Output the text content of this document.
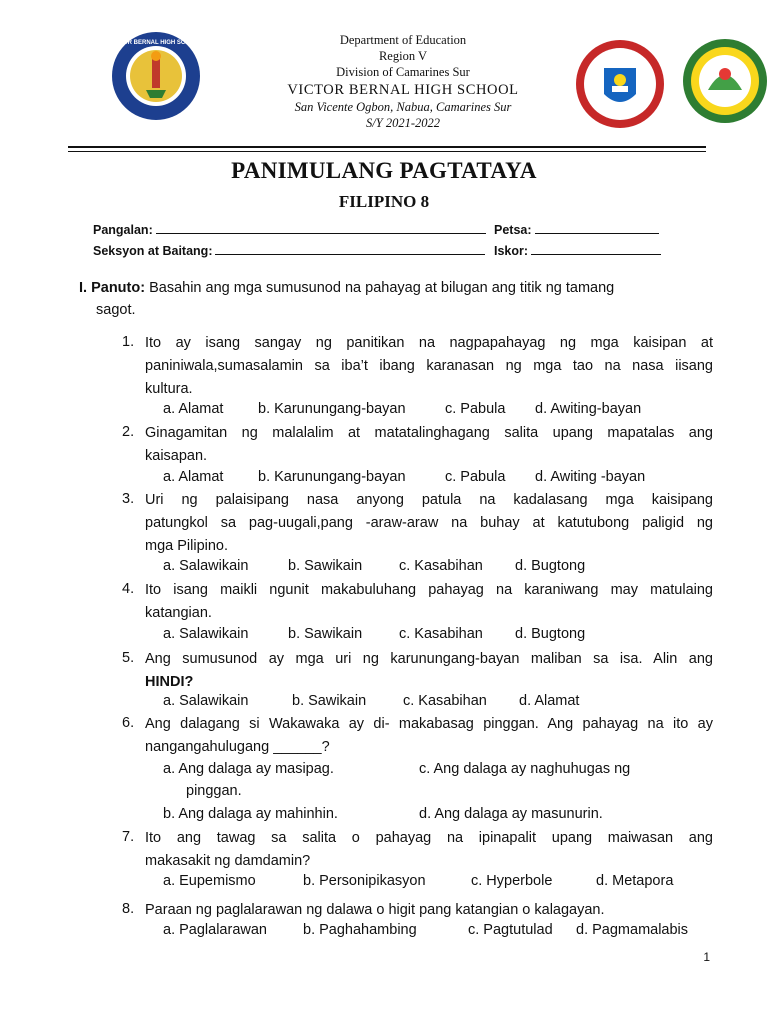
VICTOR BERNAL HIGH SCHOOL	Department of Education
Region V
Division of Camarines Sur
VICTOR BERNAL HIGH SCHOOL
San Vicente Ogbon, Nabua, Camarines Sur
S/Y 2021-2022
PANIMULANG PAGTATAYA
FILIPINO 8
Pangalan:	Petsa:
Seksyon at Baitang:	Iskor:
I. Panuto: Basahin ang mga sumusunod na pahayag at bilugan ang titik ng tamang
sagot.
1. Ito ay isang sangay ng panitikan na nagpapahayag ng mga kaisipan at
paniniwala,sumasalamin sa iba’t ibang karanasan ng mga tao na nasa iisang
kultura.
a. Alamat b. Karunungang-bayan	c. Pabula d. Awiting-bayan
2. Ginagamitan ng malalalim at matatalinghagang salita upang mapatalas ang
kaisapan.
a. Alamat b. Karunungang-bayan	c. Pabula d. Awiting -bayan
3. Uri ng palaisipang nasa anyong patula na kadalasang mga kaisipang
patungkol sa pag-uugali,pang -araw-araw na buhay at katutubong paligid ng
mga Pilipino.
a. Salawikain	b. Sawikain	c. Kasabihan d. Bugtong
4. Ito isang maikli ngunit makabuluhang pahayag na karaniwang may matulaing
katangian.
a. Salawikain	b. Sawikain	c. Kasabihan d. Bugtong
5. Ang sumusunod ay mga uri ng karunungang-bayan maliban sa isa. Alin ang
HINDI?
a. Salawikain	b. Sawikain	c. Kasabihan d. Alamat
6. Ang dalagang si Wakawaka ay di- makabasag pinggan. Ang pahayag na ito ay
nangangahulugang ______?
a. Ang dalaga ay masipag.	c. Ang dalaga ay naghuhugas ng
pinggan.
b. Ang dalaga ay mahinhin.	d. Ang dalaga ay masunurin.
7. Ito ang tawag sa salita o pahayag na ipinapalit upang maiwasan ang
makasakit ng damdamin?
a. Eupemismo	b. Personipikasyon	c. Hyperbole	d. Metapora
8. Paraan ng paglalarawan ng dalawa o higit pang katangian o kalagayan.
a. Paglalarawan b. Paghahambing	c. Pagtutulad d. Pagmamalabis
1
